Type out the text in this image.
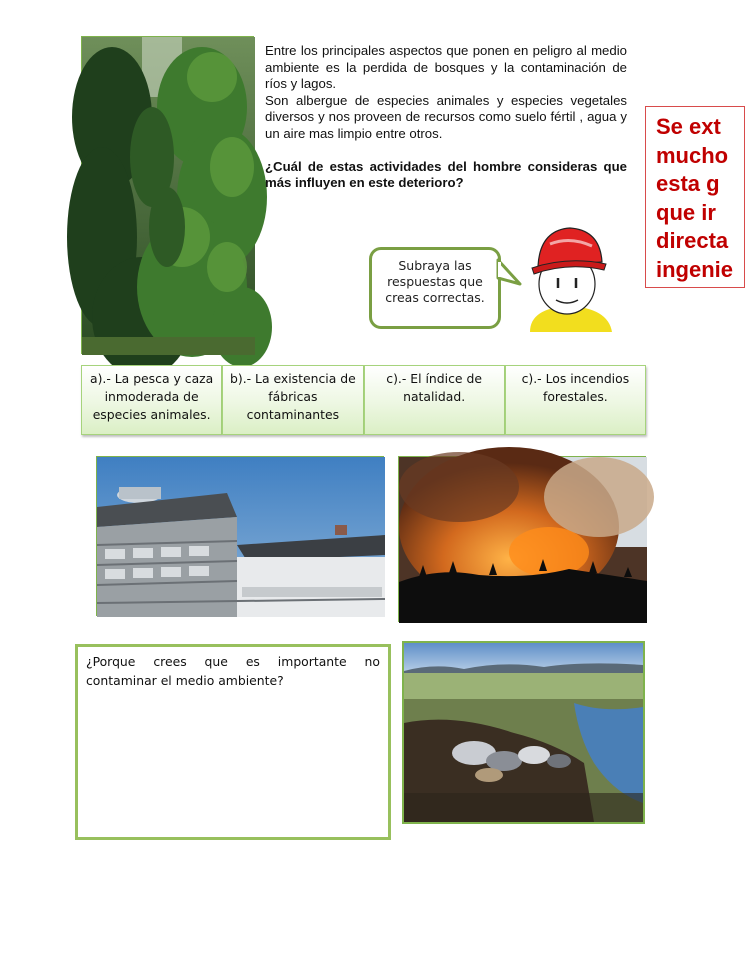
Entre los principales aspectos que ponen en peligro al medio ambiente es la perdida de bosques y la contaminación de ríos y lagos.

Son albergue de especies animales y especies vegetales diversos y nos proveen de recursos como suelo fértil , agua y un aire mas limpio entre otros.

¿Cuál de estas actividades del hombre consideras que más influyen en este deterioro?

Se ext
mucho
esta g
que ir
directa
ingenie
Subraya las respuestas que creas correctas.
a).- La pesca y caza inmoderada de especies animales.
b).- La existencia de fábricas contaminantes
c).- El índice de natalidad.
c).- Los incendios forestales.
¿Porque crees que es importante no contaminar el medio ambiente?
